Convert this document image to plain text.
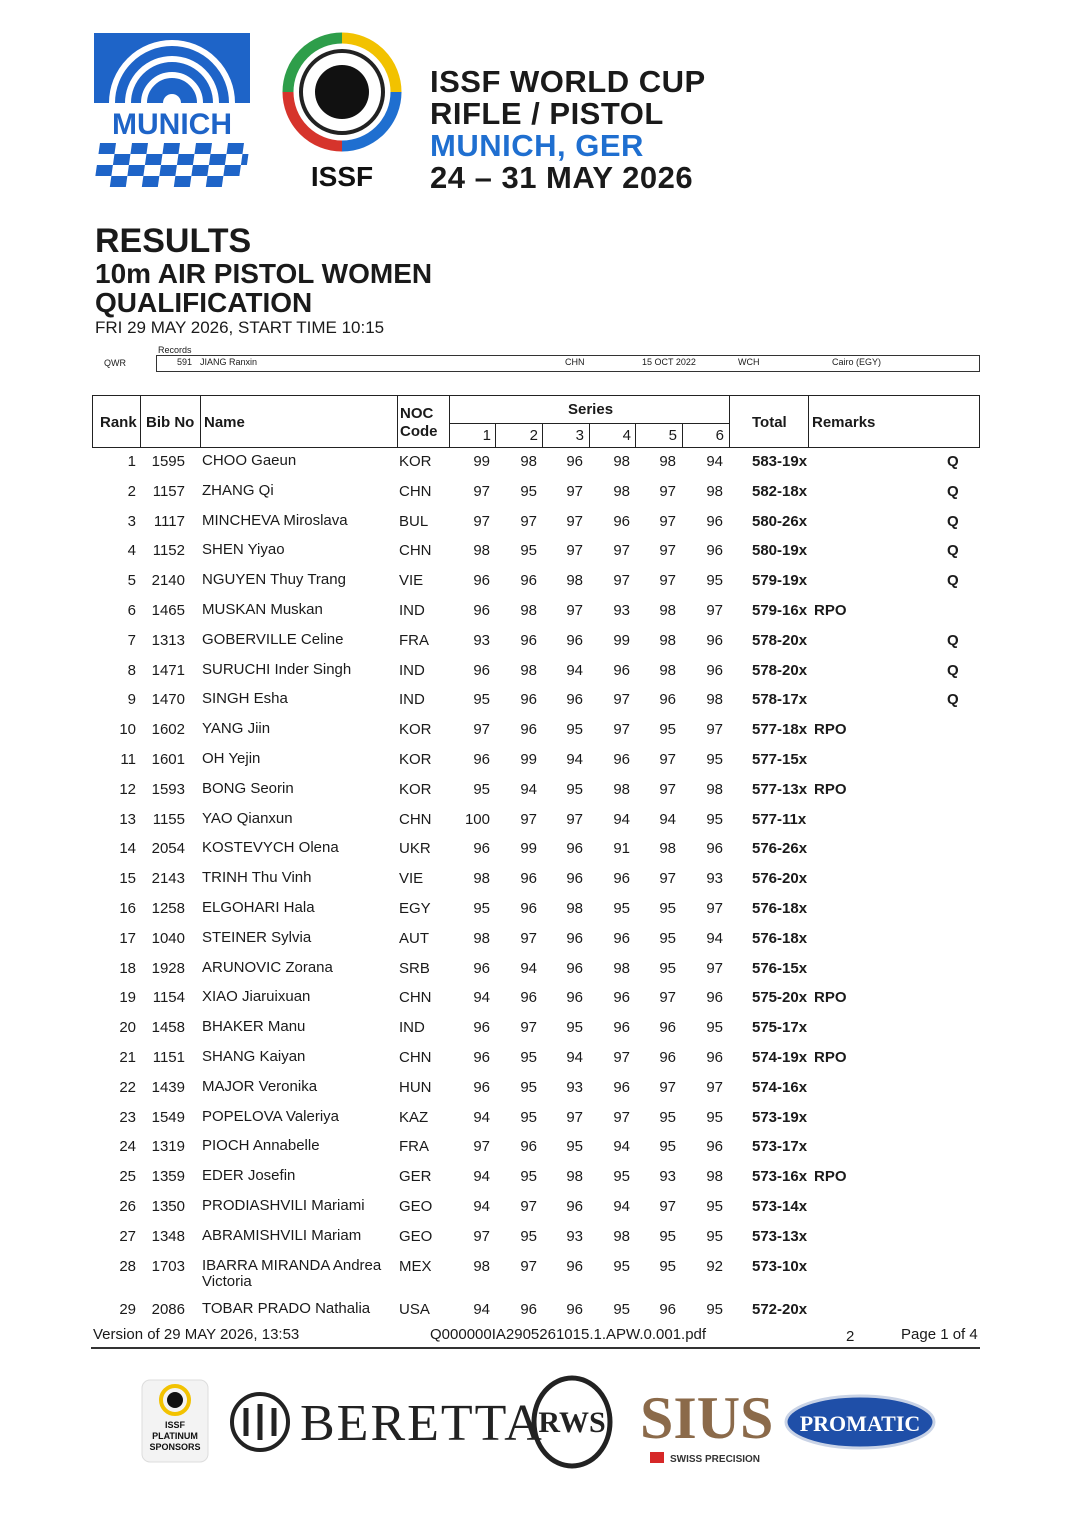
MUNICH
ISSF
ISSF WORLD CUP
RIFLE / PISTOL
MUNICH, GER
24 – 31 MAY 2026
RESULTS
10m AIR PISTOL WOMEN
QUALIFICATION
FRI 29 MAY 2026, START TIME 10:15
Records
QWR	591 JIANG Ranxin	CHN	15 OCT 2022	WCH	Cairo (EGY)
Rank Bib No Name
NOC
Code
Series
1	2	3	4	5	6
Total Remarks
1	1595 CHOO Gaeun	KOR	99	98	96	98	98	94 583-19x	Q
2	1157 ZHANG Qi	CHN	97	95	97	98	97	98 582-18x	Q
3	1117 MINCHEVA Miroslava	BUL	97	97	97	96	97	96 580-26x	Q
4	1152 SHEN Yiyao	CHN	98	95	97	97	97	96 580-19x	Q
5	2140 NGUYEN Thuy Trang	VIE	96	96	98	97	97	95 579-19x	Q
6	1465 MUSKAN Muskan	IND	96	98	97	93	98	97 579-16x RPO
7	1313 GOBERVILLE Celine	FRA	93	96	96	99	98	96 578-20x	Q
8	1471 SURUCHI Inder Singh	IND	96	98	94	96	98	96 578-20x	Q
9	1470 SINGH Esha	IND	95	96	96	97	96	98 578-17x	Q
10	1602 YANG Jiin	KOR	97	96	95	97	95	97 577-18x RPO
11	1601 OH Yejin	KOR	96	99	94	96	97	95 577-15x
12	1593 BONG Seorin	KOR	95	94	95	98	97	98 577-13x RPO
13	1155 YAO Qianxun	CHN	100	97	97	94	94	95 577-11x
14	2054 KOSTEVYCH Olena	UKR	96	99	96	91	98	96 576-26x
15	2143 TRINH Thu Vinh	VIE	98	96	96	96	97	93 576-20x
16	1258 ELGOHARI Hala	EGY	95	96	98	95	95	97 576-18x
17	1040 STEINER Sylvia	AUT	98	97	96	96	95	94 576-18x
18	1928 ARUNOVIC Zorana	SRB	96	94	96	98	95	97 576-15x
19	1154 XIAO Jiaruixuan	CHN	94	96	96	96	97	96 575-20x RPO
20	1458 BHAKER Manu	IND	96	97	95	96	96	95 575-17x
21	1151 SHANG Kaiyan	CHN	96	95	94	97	96	96 574-19x RPO
22	1439 MAJOR Veronika	HUN	96	95	93	96	97	97 574-16x
23	1549 POPELOVA Valeriya	KAZ	94	95	97	97	95	95 573-19x
24	1319 PIOCH Annabelle	FRA	97	96	95	94	95	96 573-17x
25	1359 EDER Josefin	GER	94	95	98	95	93	98 573-16x RPO
26	1350 PRODIASHVILI Mariami	GEO	94	97	96	94	97	95 573-14x
27	1348 ABRAMISHVILI Mariam	GEO	97	95	93	98	95	95 573-13x
28	1703 IBARRA MIRANDA Andrea Victoria
MEX	98	97	96	95	95	92 573-10x
29	2086 TOBAR PRADO Nathalia	USA	94	96	96	95	96	95 572-20x
Version of 29 MAY 2026, 13:53	Q000000IA2905261015.1.APW.0.001.pdf	2	Page 1 of 4
ISSF
PLATINUM
SPONSORS BERETTA
RWS SIUS
SWISS PRECISION
PROMATIC
